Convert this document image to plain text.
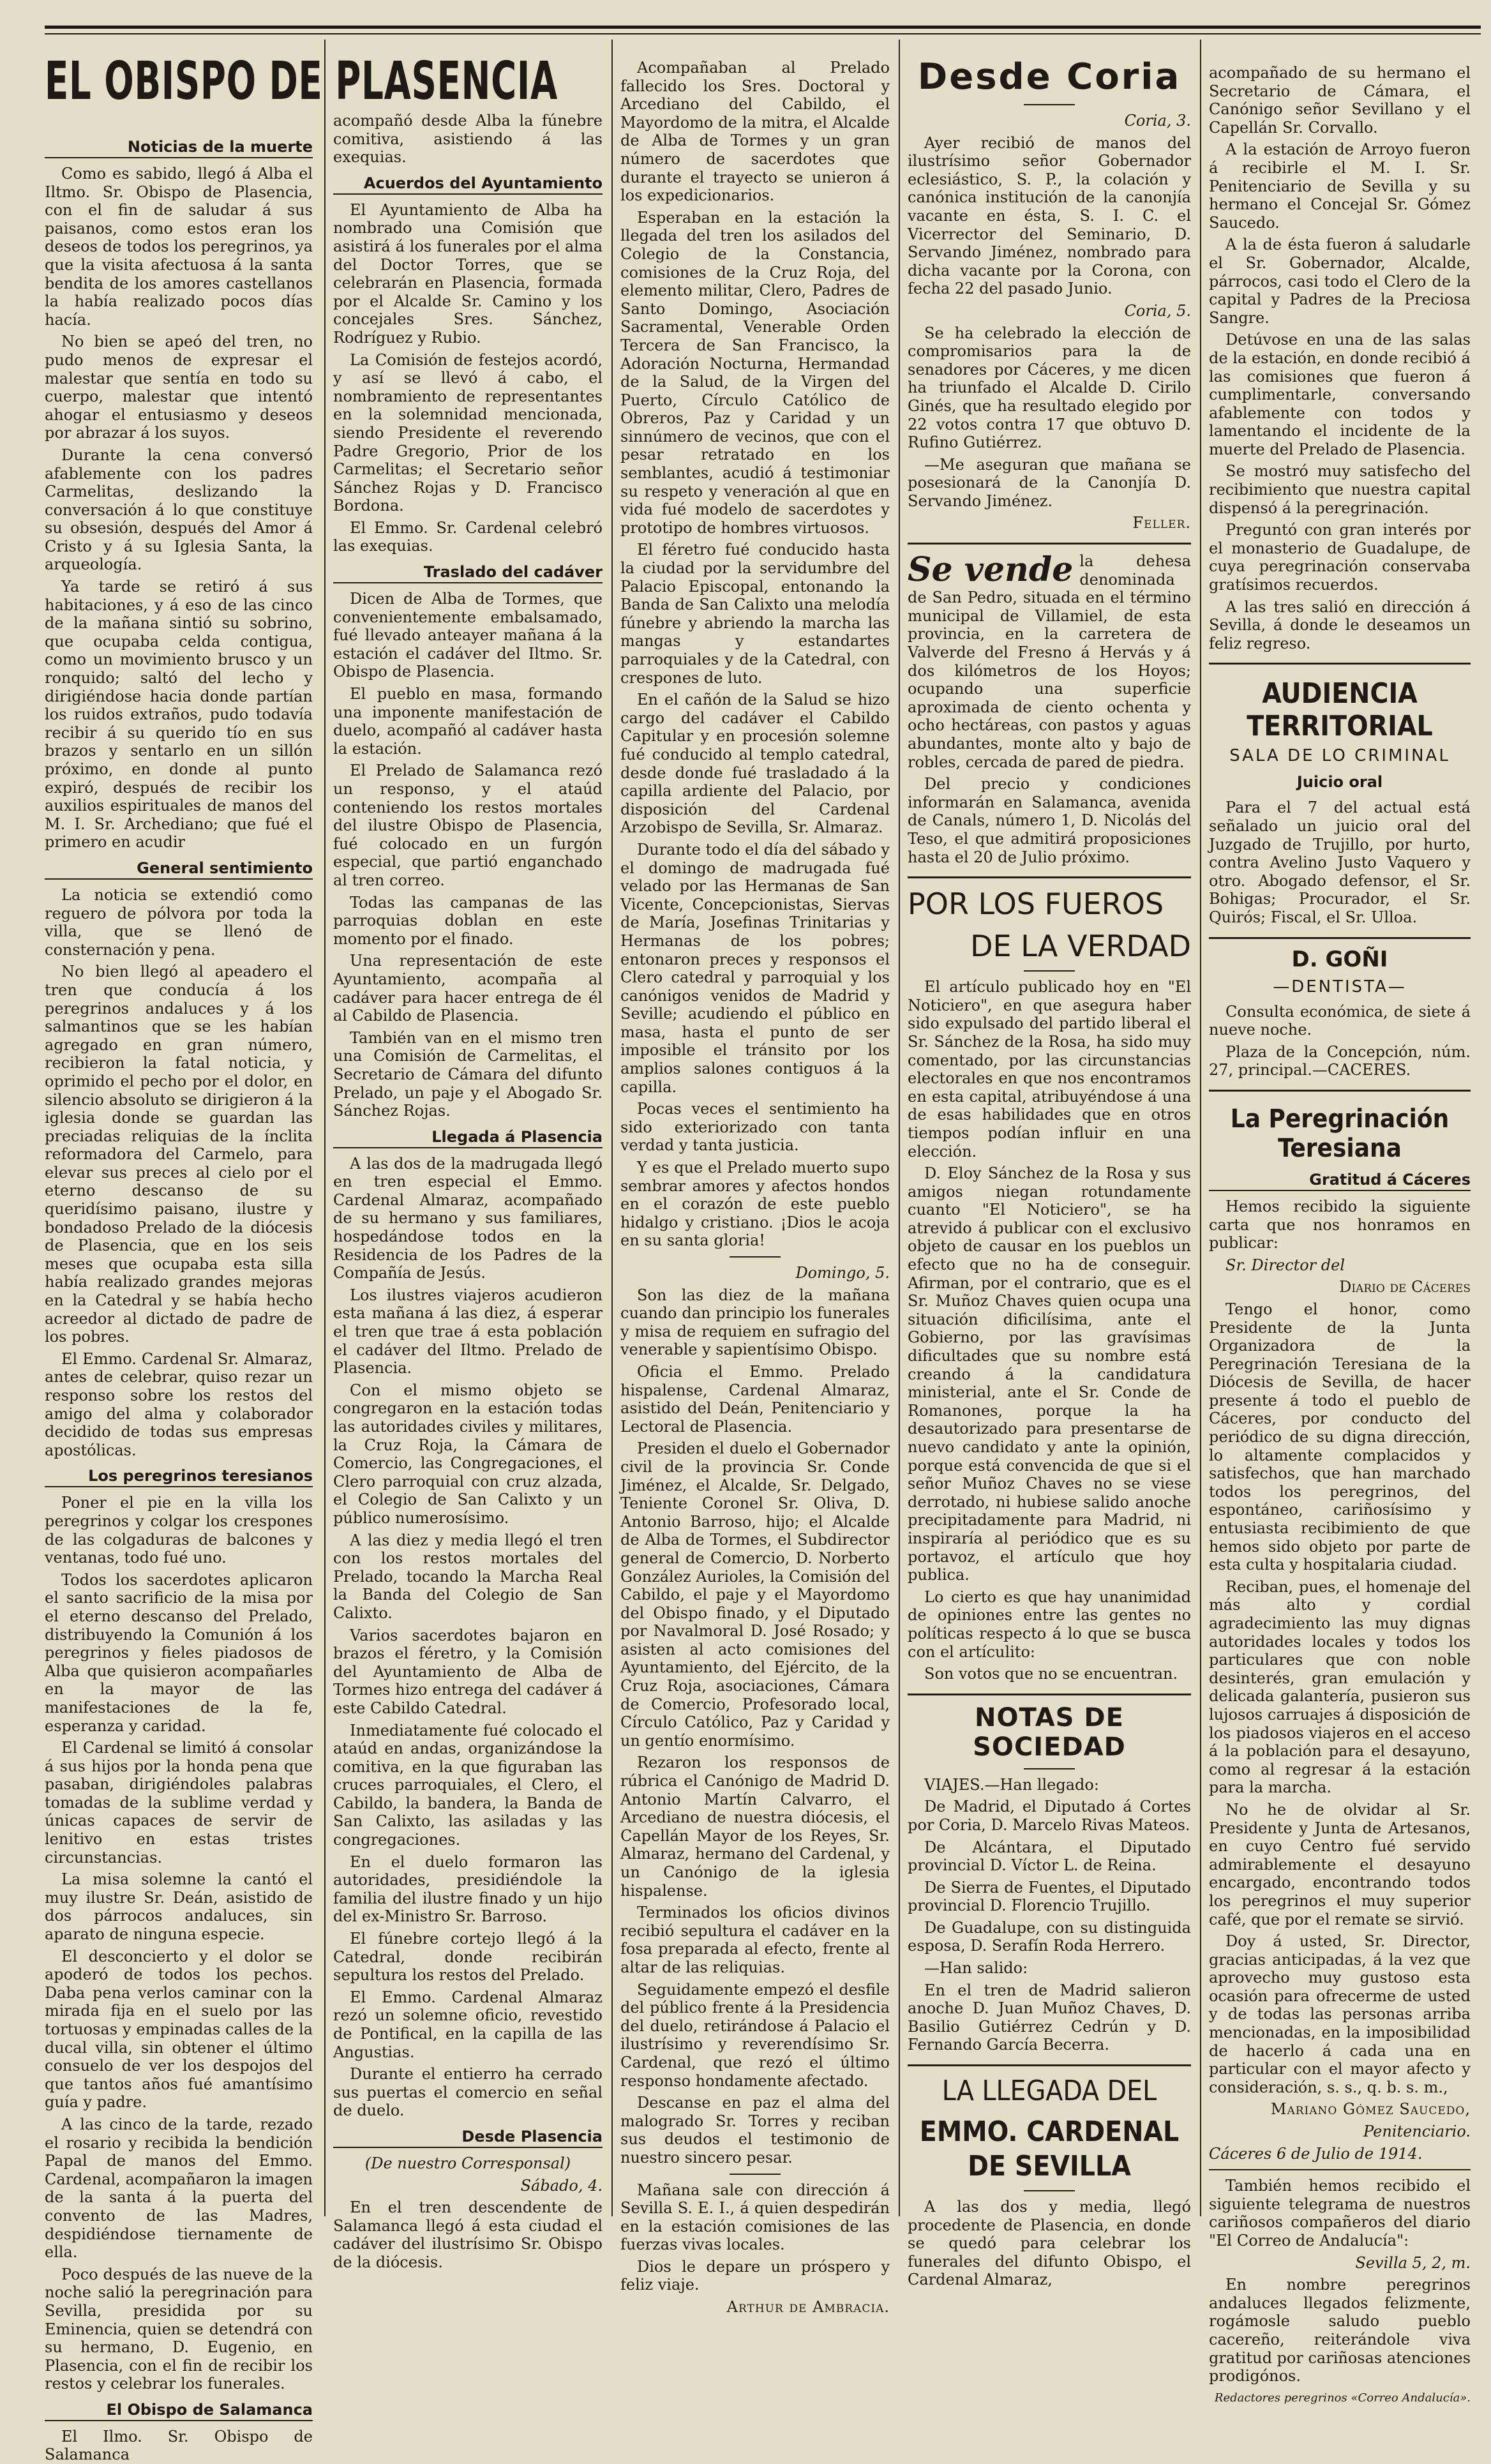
EL OBISPO DE PLASENCIA
Noticias de la muerte

Como es sabido, llegó á Alba el Iltmo. Sr. Obispo de Plasencia, con el fin de saludar á sus paisanos, como estos eran los deseos de todos los peregrinos, ya que la visita afectuosa á la santa bendita de los amores castellanos la había realizado pocos días hacía.

No bien se apeó del tren, no pudo menos de expresar el malestar que sentía en todo su cuerpo, malestar que intentó ahogar el entusiasmo y deseos por abrazar á los suyos.

Durante la cena conversó afablemente con los padres Carmelitas, deslizando la conversación á lo que constituye su obsesión, después del Amor á Cristo y á su Iglesia Santa, la arqueología.

Ya tarde se retiró á sus habitaciones, y á eso de las cinco de la mañana sintió su sobrino, que ocupaba celda contigua, como un movimiento brusco y un ronquido; saltó del lecho y dirigiéndose hacia donde partían los ruidos extraños, pudo todavía recibir á su querido tío en sus brazos y sentarlo en un sillón próximo, en donde al punto expiró, después de recibir los auxilios espirituales de manos del M. I. Sr. Archediano; que fué el primero en acudir

General sentimiento

La noticia se extendió como reguero de pólvora por toda la villa, que se llenó de consternación y pena.

No bien llegó al apeadero el tren que conducía á los peregrinos andaluces y á los salmantinos que se les habían agregado en gran número, recibieron la fatal noticia, y oprimido el pecho por el dolor, en silencio absoluto se dirigieron á la iglesia donde se guardan las preciadas reliquias de la ínclita reformadora del Carmelo, para elevar sus preces al cielo por el eterno descanso de su queridísimo paisano, ilustre y bondadoso Prelado de la diócesis de Plasencia, que en los seis meses que ocupaba esta silla había realizado grandes mejoras en la Catedral y se había hecho acreedor al dictado de padre de los pobres.

El Emmo. Cardenal Sr. Almaraz, antes de celebrar, quiso rezar un responso sobre los restos del amigo del alma y colaborador decidido de todas sus empresas apostólicas.

Los peregrinos teresianos

Poner el pie en la villa los peregrinos y colgar los crespones de las colgaduras de balcones y ventanas, todo fué uno.

Todos los sacerdotes aplicaron el santo sacrificio de la misa por el eterno descanso del Prelado, distribuyendo la Comunión á los peregrinos y fieles piadosos de Alba que quisieron acompañarles en la mayor de las manifestaciones de la fe, esperanza y caridad.

El Cardenal se limitó á consolar á sus hijos por la honda pena que pasaban, dirigiéndoles palabras tomadas de la sublime verdad y únicas capaces de servir de lenitivo en estas tristes circunstancias.

La misa solemne la cantó el muy ilustre Sr. Deán, asistido de dos párrocos andaluces, sin aparato de ninguna especie.

El desconcierto y el dolor se apoderó de todos los pechos. Daba pena verlos caminar con la mirada fija en el suelo por las tortuosas y empinadas calles de la ducal villa, sin obtener el último consuelo de ver los despojos del que tantos años fué amantísimo guía y padre.

A las cinco de la tarde, rezado el rosario y recibida la bendición Papal de manos del Emmo. Cardenal, acompañaron la imagen de la santa á la puerta del convento de las Madres, despidiéndose tiernamente de ella.

Poco después de las nueve de la noche salió la peregrinación para Sevilla, presidida por su Eminencia, quien se detendrá con su hermano, D. Eugenio, en Plasencia, con el fin de recibir los restos y celebrar los funerales.

El Obispo de Salamanca

El Ilmo. Sr. Obispo de Salamanca

acompañó desde Alba la fúnebre comitiva, asistiendo á las exequias.

Acuerdos del Ayuntamiento

El Ayuntamiento de Alba ha nombrado una Comisión que asistirá á los funerales por el alma del Doctor Torres, que se celebrarán en Plasencia, formada por el Alcalde Sr. Camino y los concejales Sres. Sánchez, Rodríguez y Rubio.

La Comisión de festejos acordó, y así se llevó á cabo, el nombramiento de representantes en la solemnidad mencionada, siendo Presidente el reverendo Padre Gregorio, Prior de los Carmelitas; el Secretario señor Sánchez Rojas y D. Francisco Bordona.

El Emmo. Sr. Cardenal celebró las exequias.

Traslado del cadáver

Dicen de Alba de Tormes, que convenientemente embalsamado, fué llevado anteayer mañana á la estación el cadáver del Iltmo. Sr. Obispo de Plasencia.

El pueblo en masa, formando una imponente manifestación de duelo, acompañó al cadáver hasta la estación.

El Prelado de Salamanca rezó un responso, y el ataúd conteniendo los restos mortales del ilustre Obispo de Plasencia, fué colocado en un furgón especial, que partió enganchado al tren correo.

Todas las campanas de las parroquias doblan en este momento por el finado.

Una representación de este Ayuntamiento, acompaña al cadáver para hacer entrega de él al Cabildo de Plasencia.

También van en el mismo tren una Comisión de Carmelitas, el Secretario de Cámara del difunto Prelado, un paje y el Abogado Sr. Sánchez Rojas.

Llegada á Plasencia

A las dos de la madrugada llegó en tren especial el Emmo. Cardenal Almaraz, acompañado de su hermano y sus familiares, hospedándose todos en la Residencia de los Padres de la Compañía de Jesús.

Los ilustres viajeros acudieron esta mañana á las diez, á esperar el tren que trae á esta población el cadáver del Iltmo. Prelado de Plasencia.

Con el mismo objeto se congregaron en la estación todas las autoridades civiles y militares, la Cruz Roja, la Cámara de Comercio, las Congregaciones, el Clero parroquial con cruz alzada, el Colegio de San Calixto y un público numerosísimo.

A las diez y media llegó el tren con los restos mortales del Prelado, tocando la Marcha Real la Banda del Colegio de San Calixto.

Varios sacerdotes bajaron en brazos el féretro, y la Comisión del Ayuntamiento de Alba de Tormes hizo entrega del cadáver á este Cabildo Catedral.

Inmediatamente fué colocado el ataúd en andas, organizándose la comitiva, en la que figuraban las cruces parroquiales, el Clero, el Cabildo, la bandera, la Banda de San Calixto, las asiladas y las congregaciones.

En el duelo formaron las autoridades, presidiéndole la familia del ilustre finado y un hijo del ex-Ministro Sr. Barroso.

El fúnebre cortejo llegó á la Catedral, donde recibirán sepultura los restos del Prelado.

El Emmo. Cardenal Almaraz rezó un solemne oficio, revestido de Pontifical, en la capilla de las Angustias.

Durante el entierro ha cerrado sus puertas el comercio en señal de duelo.

Desde Plasencia

(De nuestro Corresponsal)

Sábado, 4.

En el tren descendente de Salamanca llegó á esta ciudad el cadáver del ilustrísimo Sr. Obispo de la diócesis.

Acompañaban al Prelado fallecido los Sres. Doctoral y Arcediano del Cabildo, el Mayordomo de la mitra, el Alcalde de Alba de Tormes y un gran número de sacerdotes que durante el trayecto se unieron á los expedicionarios.

Esperaban en la estación la llegada del tren los asilados del Colegio de la Constancia, comisiones de la Cruz Roja, del elemento militar, Clero, Padres de Santo Domingo, Asociación Sacramental, Venerable Orden Tercera de San Francisco, la Adoración Nocturna, Hermandad de la Salud, de la Virgen del Puerto, Círculo Católico de Obreros, Paz y Caridad y un sinnúmero de vecinos, que con el pesar retratado en los semblantes, acudió á testimoniar su respeto y veneración al que en vida fué modelo de sacerdotes y prototipo de hombres virtuosos.

El féretro fué conducido hasta la ciudad por la servidumbre del Palacio Episcopal, entonando la Banda de San Calixto una melodía fúnebre y abriendo la marcha las mangas y estandartes parroquiales y de la Catedral, con crespones de luto.

En el cañón de la Salud se hizo cargo del cadáver el Cabildo Capitular y en procesión solemne fué conducido al templo catedral, desde donde fué trasladado á la capilla ardiente del Palacio, por disposición del Cardenal Arzobispo de Sevilla, Sr. Almaraz.

Durante todo el día del sábado y el domingo de madrugada fué velado por las Hermanas de San Vicente, Concepcionistas, Siervas de María, Josefinas Trinitarias y Hermanas de los pobres; entonaron preces y responsos el Clero catedral y parroquial y los canónigos venidos de Madrid y Seville; acudiendo el público en masa, hasta el punto de ser imposible el tránsito por los amplios salones contiguos á la capilla.

Pocas veces el sentimiento ha sido exteriorizado con tanta verdad y tanta justicia.

Y es que el Prelado muerto supo sembrar amores y afectos hondos en el corazón de este pueblo hidalgo y cristiano. ¡Dios le acoja en su santa gloria!

Domingo, 5.

Son las diez de la mañana cuando dan principio los funerales y misa de requiem en sufragio del venerable y sapientísimo Obispo.

Oficia el Emmo. Prelado hispalense, Cardenal Almaraz, asistido del Deán, Penitenciario y Lectoral de Plasencia.

Presiden el duelo el Gobernador civil de la provincia Sr. Conde Jiménez, el Alcalde, Sr. Delgado, Teniente Coronel Sr. Oliva, D. Antonio Barroso, hijo; el Alcalde de Alba de Tormes, el Subdirector general de Comercio, D. Norberto González Aurioles, la Comisión del Cabildo, el paje y el Mayordomo del Obispo finado, y el Diputado por Navalmoral D. José Rosado; y asisten al acto comisiones del Ayuntamiento, del Ejército, de la Cruz Roja, asociaciones, Cámara de Comercio, Profesorado local, Círculo Católico, Paz y Caridad y un gentío enormísimo.

Rezaron los responsos de rúbrica el Canónigo de Madrid D. Antonio Martín Calvarro, el Arcediano de nuestra diócesis, el Capellán Mayor de los Reyes, Sr. Almaraz, hermano del Cardenal, y un Canónigo de la iglesia hispalense.

Terminados los oficios divinos recibió sepultura el cadáver en la fosa preparada al efecto, frente al altar de las reliquias.

Seguidamente empezó el desfile del público frente á la Presidencia del duelo, retirándose á Palacio el ilustrísimo y reverendísimo Sr. Cardenal, que rezó el último responso hondamente afectado.

Descanse en paz el alma del malogrado Sr. Torres y reciban sus deudos el testimonio de nuestro sincero pesar.

Mañana sale con dirección á Sevilla S. E. I., á quien despedirán en la estación comisiones de las fuerzas vivas locales.

Dios le depare un próspero y feliz viaje.

Arthur de Ambracia.

Desde Coria

Coria, 3.

Ayer recibió de manos del ilustrísimo señor Gobernador eclesiástico, S. P., la colación y canónica institución de la canonjía vacante en ésta, S. I. C. el Vicerrector del Seminario, D. Servando Jiménez, nombrado para dicha vacante por la Corona, con fecha 22 del pasado Junio.

Coria, 5.

Se ha celebrado la elección de compromisarios para la de senadores por Cáceres, y me dicen ha triunfado el Alcalde D. Cirilo Ginés, que ha resultado elegido por 22 votos contra 17 que obtuvo D. Rufino Gutiérrez.

—Me aseguran que mañana se posesionará de la Canonjía D. Servando Jiménez.

Feller.

Se vende la dehesa denominada de San Pedro, situada en el término municipal de Villamiel, de esta provincia, en la carretera de Valverde del Fresno á Hervás y á dos kilómetros de los Hoyos; ocupando una superficie aproximada de ciento ochenta y ocho hectáreas, con pastos y aguas abundantes, monte alto y bajo de robles, cercada de pared de piedra.

Del precio y condiciones informarán en Salamanca, avenida de Canals, número 1, D. Nicolás del Teso, el que admitirá proposiciones hasta el 20 de Julio próximo.

POR LOS FUEROS
DE LA VERDAD

El artículo publicado hoy en "El Noticiero", en que asegura haber sido expulsado del partido liberal el Sr. Sánchez de la Rosa, ha sido muy comentado, por las circunstancias electorales en que nos encontramos en esta capital, atribuyéndose á una de esas habilidades que en otros tiempos podían influir en una elección.

D. Eloy Sánchez de la Rosa y sus amigos niegan rotundamente cuanto "El Noticiero", se ha atrevido á publicar con el exclusivo objeto de causar en los pueblos un efecto que no ha de conseguir. Afirman, por el contrario, que es el Sr. Muñoz Chaves quien ocupa una situación dificilísima, ante el Gobierno, por las gravísimas dificultades que su nombre está creando á la candidatura ministerial, ante el Sr. Conde de Romanones, porque la ha desautorizado para presentarse de nuevo candidato y ante la opinión, porque está convencida de que si el señor Muñoz Chaves no se viese derrotado, ni hubiese salido anoche precipitadamente para Madrid, ni inspiraría al periódico que es su portavoz, el artículo que hoy publica.

Lo cierto es que hay unanimidad de opiniones entre las gentes no políticas respecto á lo que se busca con el artículito:

Son votos que no se encuentran.

NOTAS DE SOCIEDAD

VIAJES.—Han llegado:

De Madrid, el Diputado á Cortes por Coria, D. Marcelo Rivas Mateos.

De Alcántara, el Diputado provincial D. Víctor L. de Reina.

De Sierra de Fuentes, el Diputado provincial D. Florencio Trujillo.

De Guadalupe, con su distinguida esposa, D. Serafín Roda Herrero.

—Han salido:

En el tren de Madrid salieron anoche D. Juan Muñoz Chaves, D. Basilio Gutiérrez Cedrún y D. Fernando García Becerra.

LA LLEGADA DEL
EMMO. CARDENAL DE SEVILLA

A las dos y media, llegó procedente de Plasencia, en donde se quedó para celebrar los funerales del difunto Obispo, el Cardenal Almaraz,

acompañado de su hermano el Secretario de Cámara, el Canónigo señor Sevillano y el Capellán Sr. Corvallo.

A la estación de Arroyo fueron á recibirle el M. I. Sr. Penitenciario de Sevilla y su hermano el Concejal Sr. Gómez Saucedo.

A la de ésta fueron á saludarle el Sr. Gobernador, Alcalde, párrocos, casi todo el Clero de la capital y Padres de la Preciosa Sangre.

Detúvose en una de las salas de la estación, en donde recibió á las comisiones que fueron á cumplimentarle, conversando afablemente con todos y lamentando el incidente de la muerte del Prelado de Plasencia.

Se mostró muy satisfecho del recibimiento que nuestra capital dispensó á la peregrinación.

Preguntó con gran interés por el monasterio de Guadalupe, de cuya peregrinación conservaba gratísimos recuerdos.

A las tres salió en dirección á Sevilla, á donde le deseamos un feliz regreso.

AUDIENCIA TERRITORIAL
SALA DE LO CRIMINAL
Juicio oral

Para el 7 del actual está señalado un juicio oral del Juzgado de Trujillo, por hurto, contra Avelino Justo Vaquero y otro. Abogado defensor, el Sr. Bohigas; Procurador, el Sr. Quirós; Fiscal, el Sr. Ulloa.

D. GOÑI
—DENTISTA—

Consulta económica, de siete á nueve noche.

Plaza de la Concepción, núm. 27, principal.—CACERES.

La Peregrinación Teresiana
Gratitud á Cáceres

Hemos recibido la siguiente carta que nos honramos en publicar:

Sr. Director del

Diario de Cáceres

Tengo el honor, como Presidente de la Junta Organizadora de la Peregrinación Teresiana de la Diócesis de Sevilla, de hacer presente á todo el pueblo de Cáceres, por conducto del periódico de su digna dirección, lo altamente complacidos y satisfechos, que han marchado todos los peregrinos, del espontáneo, cariñosísimo y entusiasta recibimiento de que hemos sido objeto por parte de esta culta y hospitalaria ciudad.

Reciban, pues, el homenaje del más alto y cordial agradecimiento las muy dignas autoridades locales y todos los particulares que con noble desinterés, gran emulación y delicada galantería, pusieron sus lujosos carruajes á disposición de los piadosos viajeros en el acceso á la población para el desayuno, como al regresar á la estación para la marcha.

No he de olvidar al Sr. Presidente y Junta de Artesanos, en cuyo Centro fué servido admirablemente el desayuno encargado, encontrando todos los peregrinos el muy superior café, que por el remate se sirvió.

Doy á usted, Sr. Director, gracias anticipadas, á la vez que aprovecho muy gustoso esta ocasión para ofrecerme de usted y de todas las personas arriba mencionadas, en la imposibilidad de hacerlo á cada una en particular con el mayor afecto y consideración, s. s., q. b. s. m.,

Mariano Gómez Saucedo,

Penitenciario.

Cáceres 6 de Julio de 1914.

También hemos recibido el siguiente telegrama de nuestros cariñosos compañeros del diario "El Correo de Andalucía":

Sevilla 5, 2, m.

En nombre peregrinos andaluces llegados felizmente, rogámosle saludo pueblo cacereño, reiterándole viva gratitud por cariñosas atenciones prodigónos.

Redactores peregrinos «Correo Andalucía».
